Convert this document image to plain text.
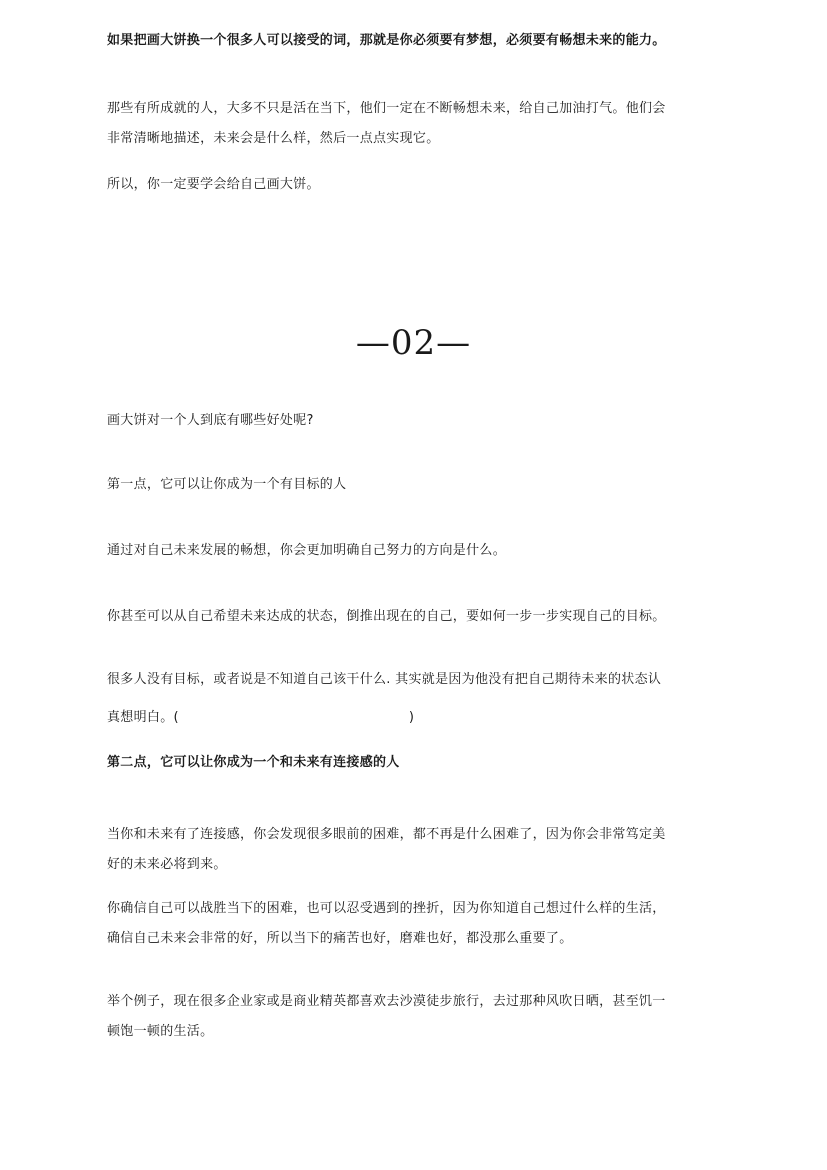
如果把画大饼换一个很多人可以接受的词，那就是你必须要有梦想，必须要有畅想未来的能力。

那些有所成就的人，大多不只是活在当下，他们一定在不断畅想未来，给自己加油打气。他们会
非常清晰地描述，未来会是什么样，然后一点点实现它。

所以，你一定要学会给自己画大饼。

—02—

画大饼对一个人到底有哪些好处呢?

第一点，它可以让你成为一个有目标的人

通过对自己未来发展的畅想，你会更加明确自己努力的方向是什么。

你甚至可以从自己希望未来达成的状态，倒推出现在的自己，要如何一步一步实现自己的目标。

很多人没有目标，或者说是不知道自己该干什么. 其实就是因为他没有把自己期待未来的状态认
真想明白。(	)

第二点，它可以让你成为一个和未来有连接感的人

当你和未来有了连接感，你会发现很多眼前的困难，都不再是什么困难了，因为你会非常笃定美
好的未来必将到来。
你确信自己可以战胜当下的困难，也可以忍受遇到的挫折，因为你知道自己想过什么样的生活，
确信自己未来会非常的好，所以当下的痛苦也好，磨难也好，都没那么重要了。
举个例子，现在很多企业家或是商业精英都喜欢去沙漠徒步旅行，去过那种风吹日晒，甚至饥一
顿饱一顿的生活。
